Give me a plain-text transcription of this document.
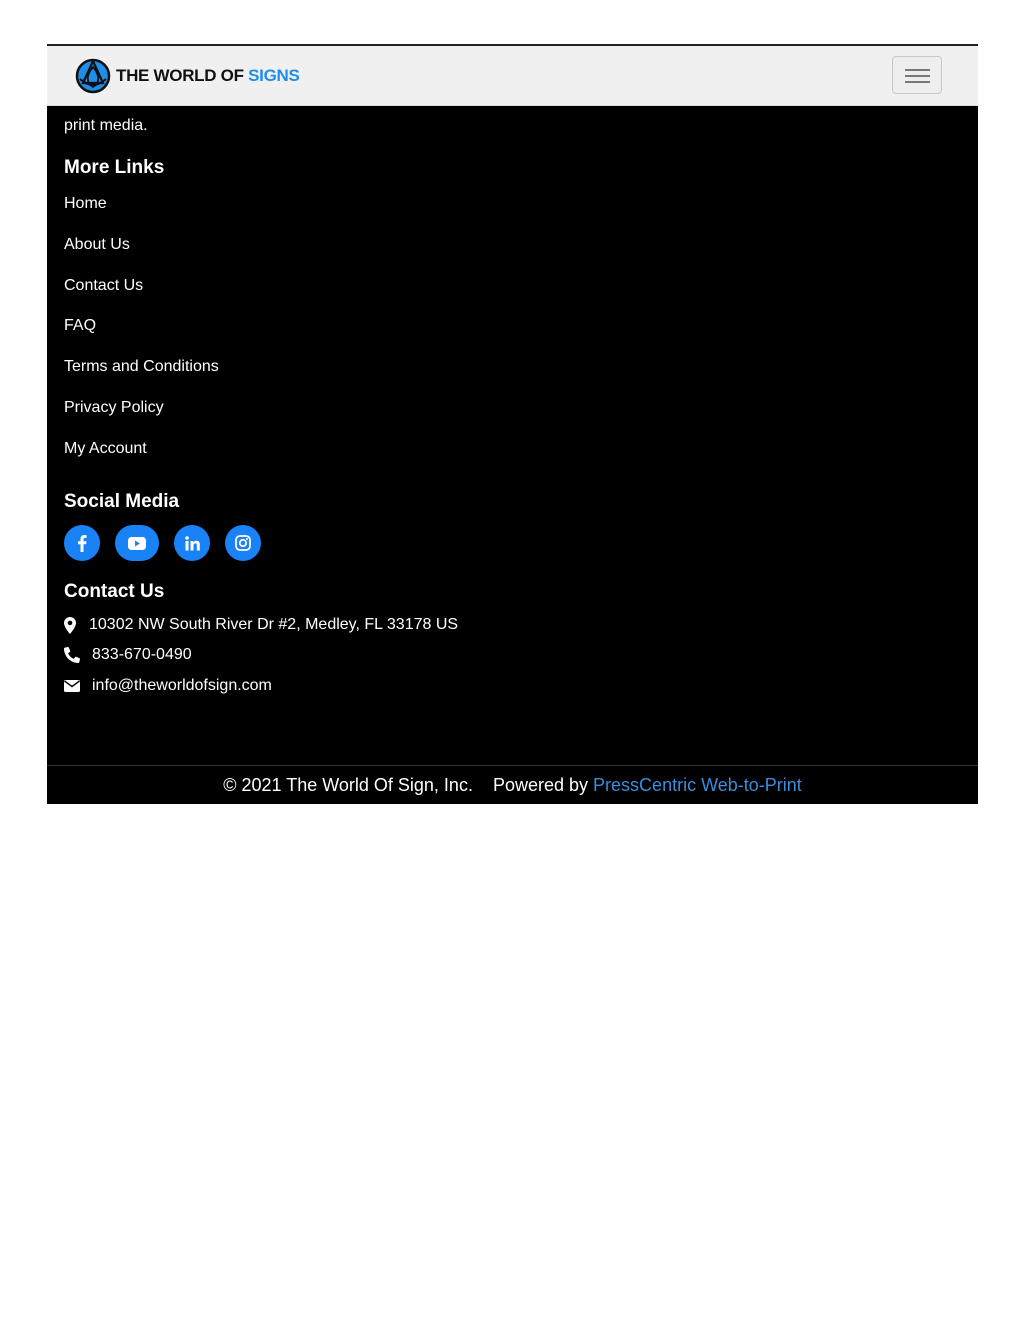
THE WORLD OF SIGNS
print media.
More Links
Home
About Us
Contact Us
FAQ
Terms and Conditions
Privacy Policy
My Account
Social Media
Contact Us
10302 NW South River Dr #2, Medley, FL 33178 US
833-670-0490
info@theworldofsign.com
© 2021 The World Of Sign, Inc. Powered by PressCentric Web-to-Print
